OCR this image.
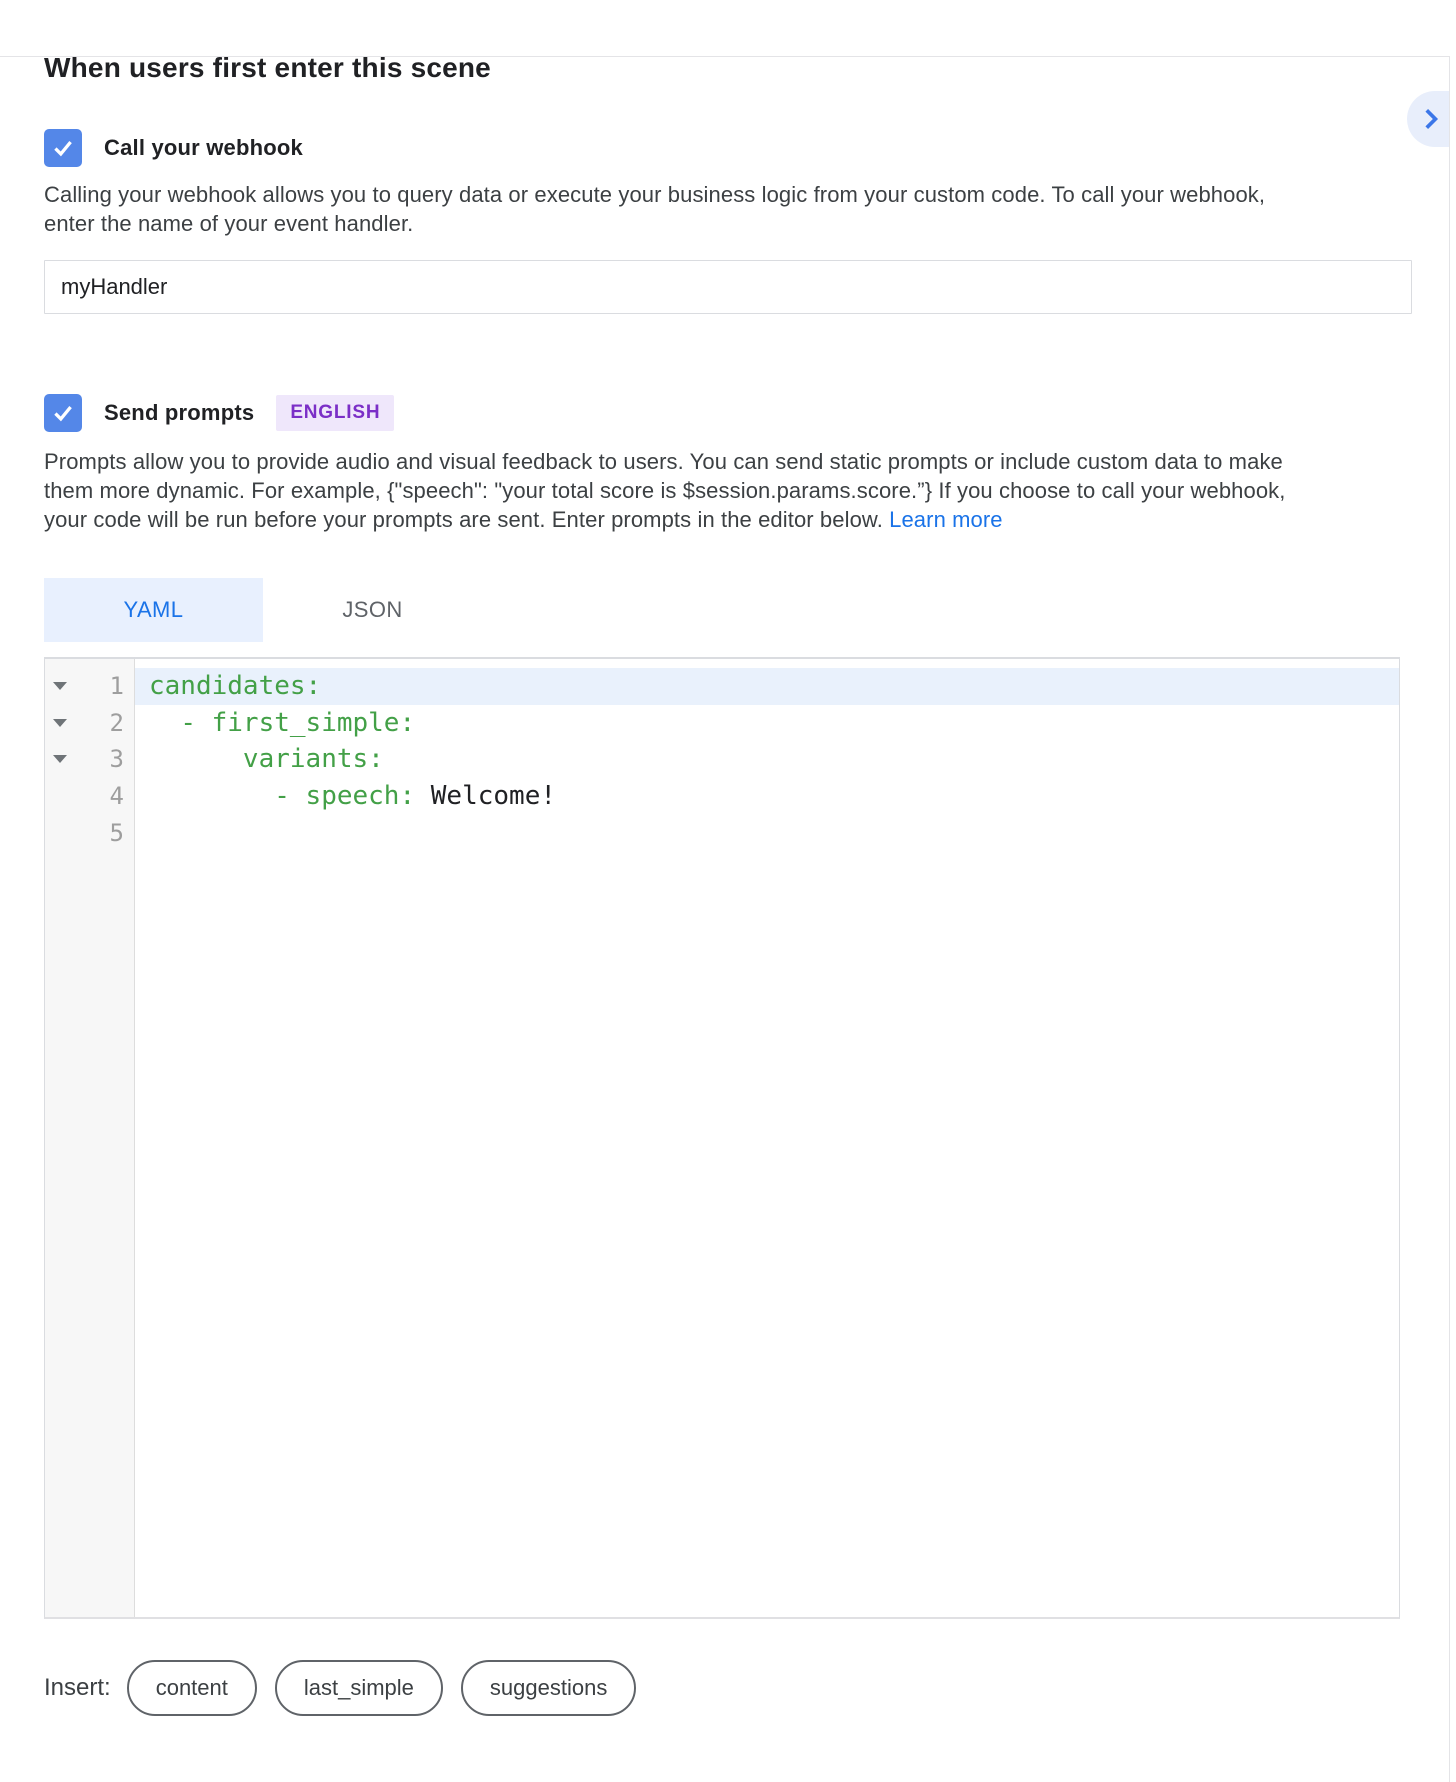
When users first enter this scene
Call your webhook

Calling your webhook allows you to query data or execute your business logic from your custom code. To call your webhook,
enter the name of your event handler.

myHandler
Send prompts	ENGLISH

Prompts allow you to provide audio and visual feedback to users. You can send static prompts or include custom data to make
them more dynamic. For example, {"speech": "your total score is $session.params.score.”} If you choose to call your webhook,
your code will be run before your prompts are sent. Enter prompts in the editor below. Learn more

YAML	JSON
1
2
3
4
5
candidates:
- first_simple:
variants:
- speech: Welcome!
Insert:	content	last_simple	suggestions
